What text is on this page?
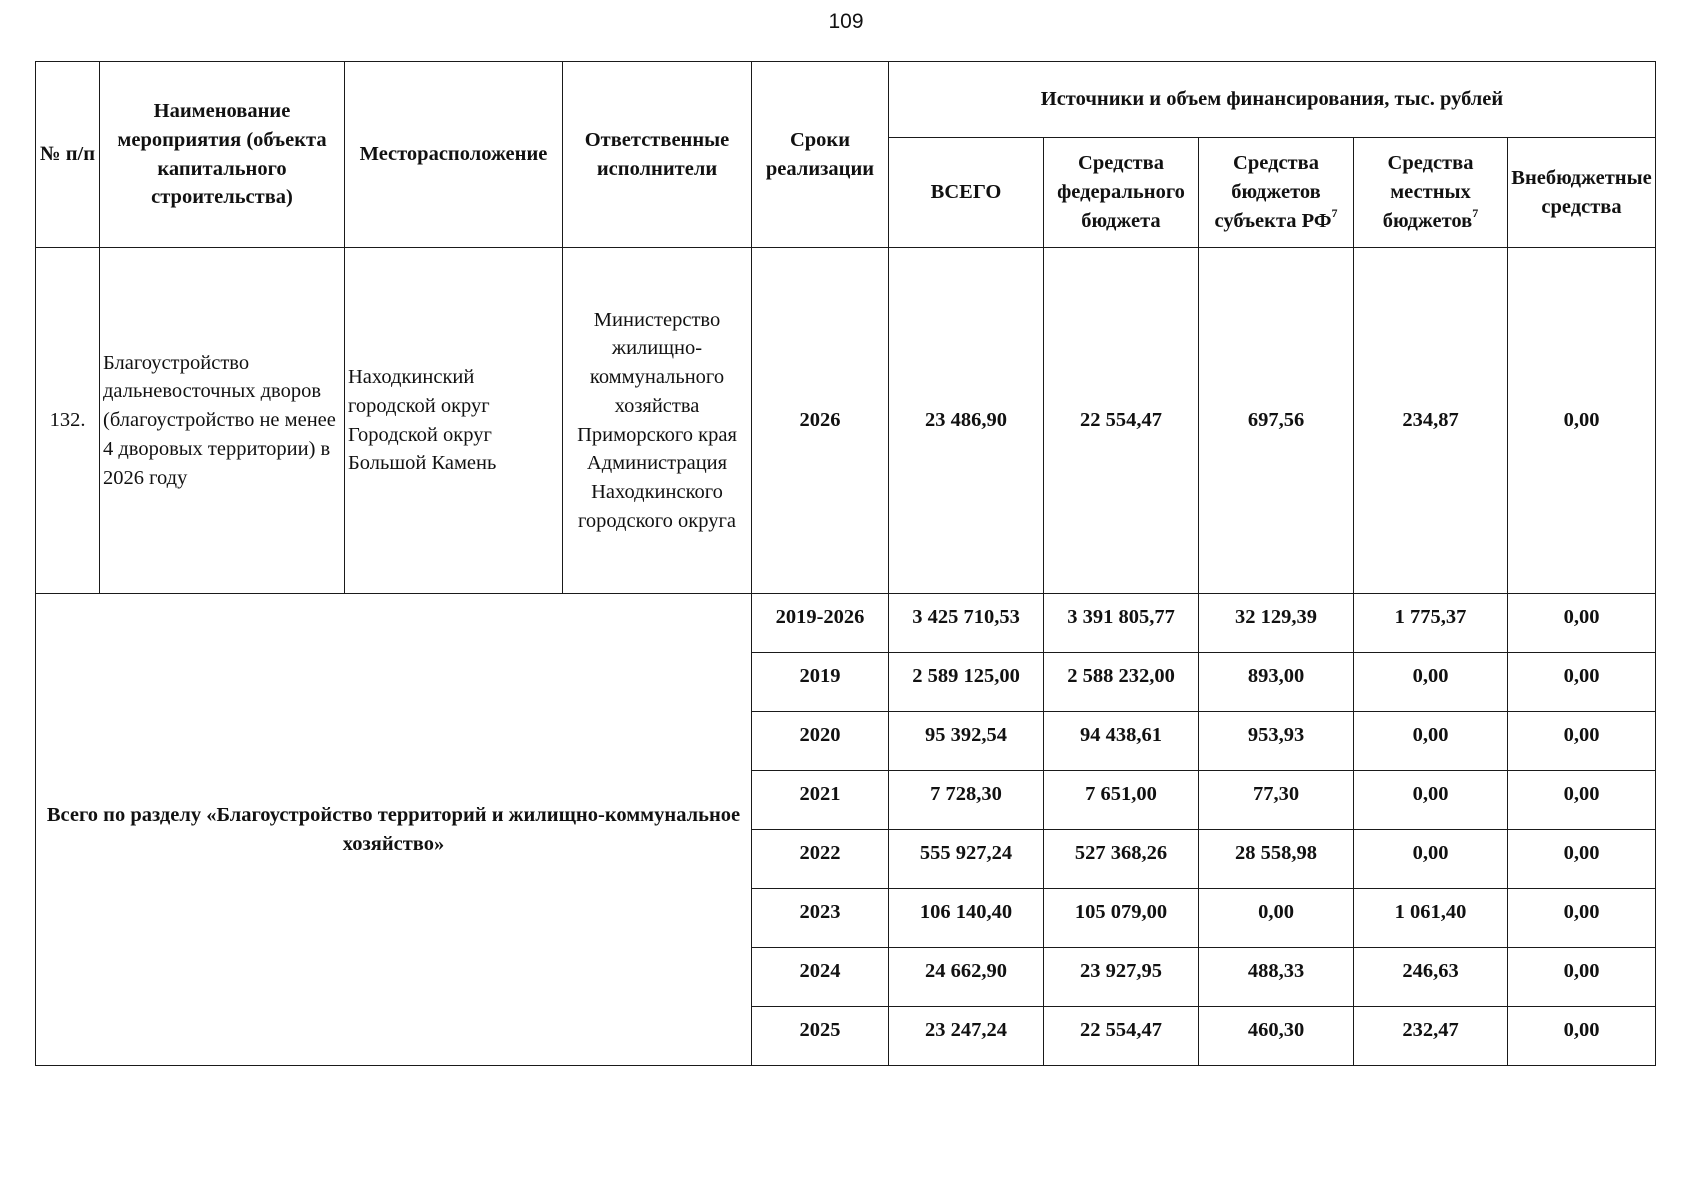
109
№ п/п	Наименование мероприятия (объекта капитального строительства)	Месторасположение	Ответственные исполнители	Сроки реализации	Источники и объем финансирования, тыс. рублей				
					ВСЕГО	Средства федерального бюджета	Средства бюджетов субъекта $РФ^7$	Средства местных бюджетов$^7$	Внебюджетные средства
132.	Благоустройство дальневосточных дворов (благоустройство не менее 4 дворовых территории) в 2026 году	Находкинский городской округ Городской округ Большой Камень	Министерство жилищно-коммунального хозяйства Приморского края Администрация Находкинского городского округа	2026	23 486,90	22 554,47	697,56	234,87	0,00
Всего по разделу «Благоустройство территорий и жилищно-коммунальное хозяйство»				2019-2026	3 425 710,53	3 391 805,77	32 129,39	1 775,37	0,00
				2019	2 589 125,00	2 588 232,00	893,00	0,00	0,00
				2020	95 392,54	94 438,61	953,93	0,00	0,00
				2021	7 728,30	7 651,00	77,30	0,00	0,00
				2022	555 927,24	527 368,26	28 558,98	0,00	0,00
				2023	106 140,40	105 079,00	0,00	1 061,40	0,00
				2024	24 662,90	23 927,95	488,33	246,63	0,00
				2025	23 247,24	22 554,47	460,30	232,47	0,00
